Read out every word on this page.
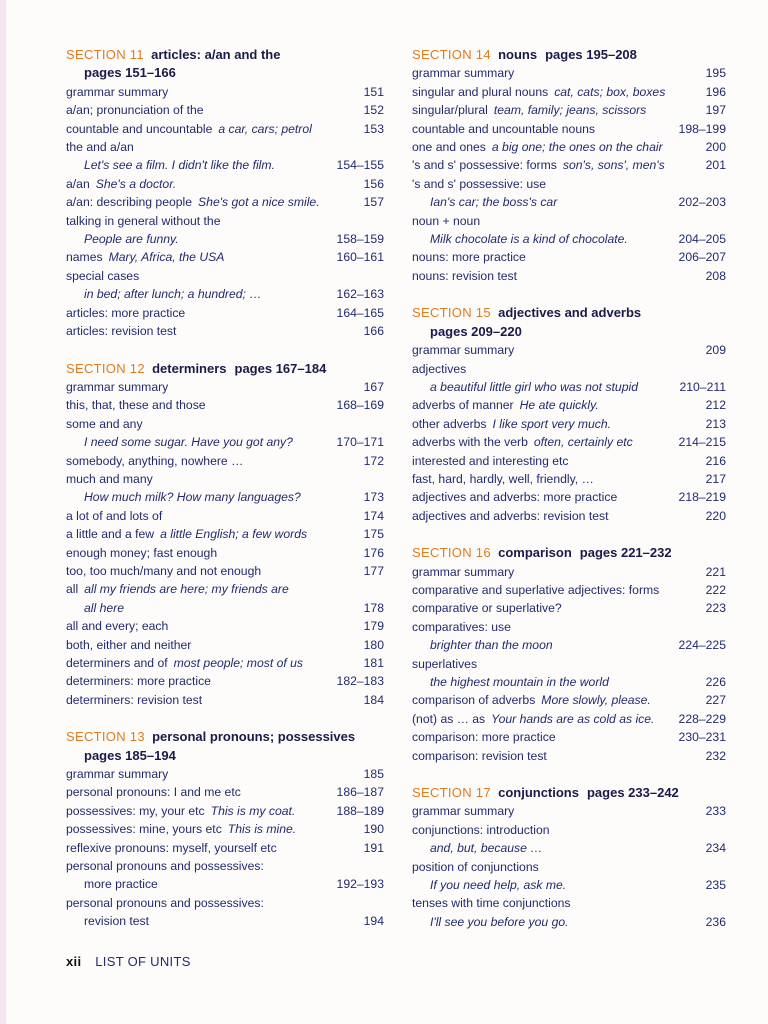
SECTION 11 articles: a/an and the
pages 151–166
grammar summary	151
a/an; pronunciation of the	152
countable and uncountable a car, cars; petrol	153
the and a/an
Let's see a film. I didn't like the film.	154–155
a/an She's a doctor.	156
a/an: describing people She's got a nice smile.	157
talking in general without the
People are funny.	158–159
names Mary, Africa, the USA	160–161
special cases
in bed; after lunch; a hundred; …	162–163
articles: more practice	164–165
articles: revision test	166
SECTION 12 determiners pages 167–184
grammar summary	167
this, that, these and those	168–169
some and any
I need some sugar. Have you got any?	170–171
somebody, anything, nowhere …	172
much and many
How much milk? How many languages?	173
a lot of and lots of	174
a little and a few a little English; a few words	175
enough money; fast enough	176
too, too much/many and not enough	177
all all my friends are here; my friends are
all here	178
all and every; each	179
both, either and neither	180
determiners and of most people; most of us	181
determiners: more practice	182–183
determiners: revision test	184
SECTION 13 personal pronouns; possessives
pages 185–194
grammar summary	185
personal pronouns: I and me etc	186–187
possessives: my, your etc This is my coat.	188–189
possessives: mine, yours etc This is mine.	190
reflexive pronouns: myself, yourself etc	191
personal pronouns and possessives:
more practice	192–193
personal pronouns and possessives:
revision test	194
SECTION 14 nouns pages 195–208
grammar summary	195
singular and plural nouns cat, cats; box, boxes	196
singular/plural team, family; jeans, scissors	197
countable and uncountable nouns	198–199
one and ones a big one; the ones on the chair	200
's and s' possessive: forms son's, sons', men's	201
's and s' possessive: use
Ian's car; the boss's car	202–203
noun + noun
Milk chocolate is a kind of chocolate.	204–205
nouns: more practice	206–207
nouns: revision test	208
SECTION 15 adjectives and adverbs
pages 209–220
grammar summary	209
adjectives
a beautiful little girl who was not stupid	210–211
adverbs of manner He ate quickly.	212
other adverbs I like sport very much.	213
adverbs with the verb often, certainly etc	214–215
interested and interesting etc	216
fast, hard, hardly, well, friendly, …	217
adjectives and adverbs: more practice	218–219
adjectives and adverbs: revision test	220
SECTION 16 comparison pages 221–232
grammar summary	221
comparative and superlative adjectives: forms	222
comparative or superlative?	223
comparatives: use
brighter than the moon	224–225
superlatives
the highest mountain in the world	226
comparison of adverbs More slowly, please.	227
(not) as … as Your hands are as cold as ice.	228–229
comparison: more practice	230–231
comparison: revision test	232
SECTION 17 conjunctions pages 233–242
grammar summary	233
conjunctions: introduction
and, but, because …	234
position of conjunctions
If you need help, ask me.	235
tenses with time conjunctions
I'll see you before you go.	236
xii LIST OF UNITS
